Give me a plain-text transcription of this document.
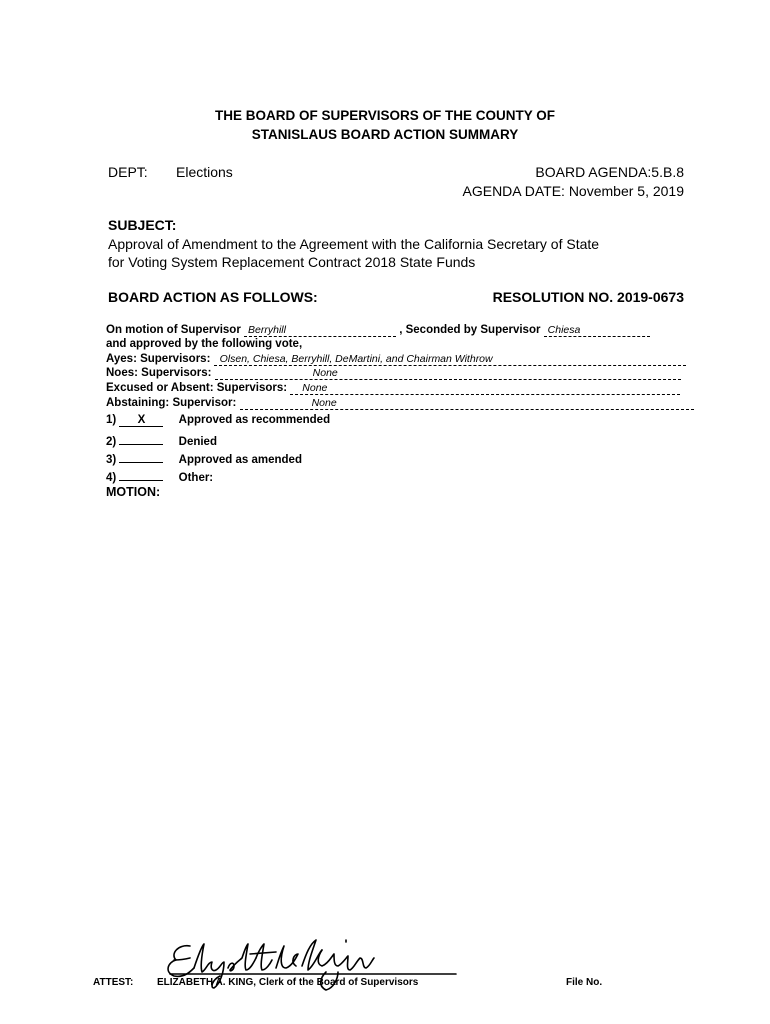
THE BOARD OF SUPERVISORS OF THE COUNTY OF
STANISLAUS BOARD ACTION SUMMARY
DEPT: Elections	BOARD AGENDA:5.B.8
AGENDA DATE: November 5, 2019
SUBJECT:
Approval of Amendment to the Agreement with the California Secretary of State
for Voting System Replacement Contract 2018 State Funds
BOARD ACTION AS FOLLOWS:	RESOLUTION NO. 2019-0673
On motion of Supervisor Berryhill	, Seconded by Supervisor Chiesa
and approved by the following vote,
Ayes: Supervisors: Olsen, Chiesa, Berryhill, DeMartini, and Chairman Withrow
Noes: Supervisors:	None
Excused or Absent: Supervisors: None
Abstaining: Supervisor:	None
1) X	Approved as recommended
2)	Denied
3)	Approved as amended
4)	Other:
MOTION:
ATTEST: ELIZABETH A. KING, Clerk of the Board of Supervisors	File No.
